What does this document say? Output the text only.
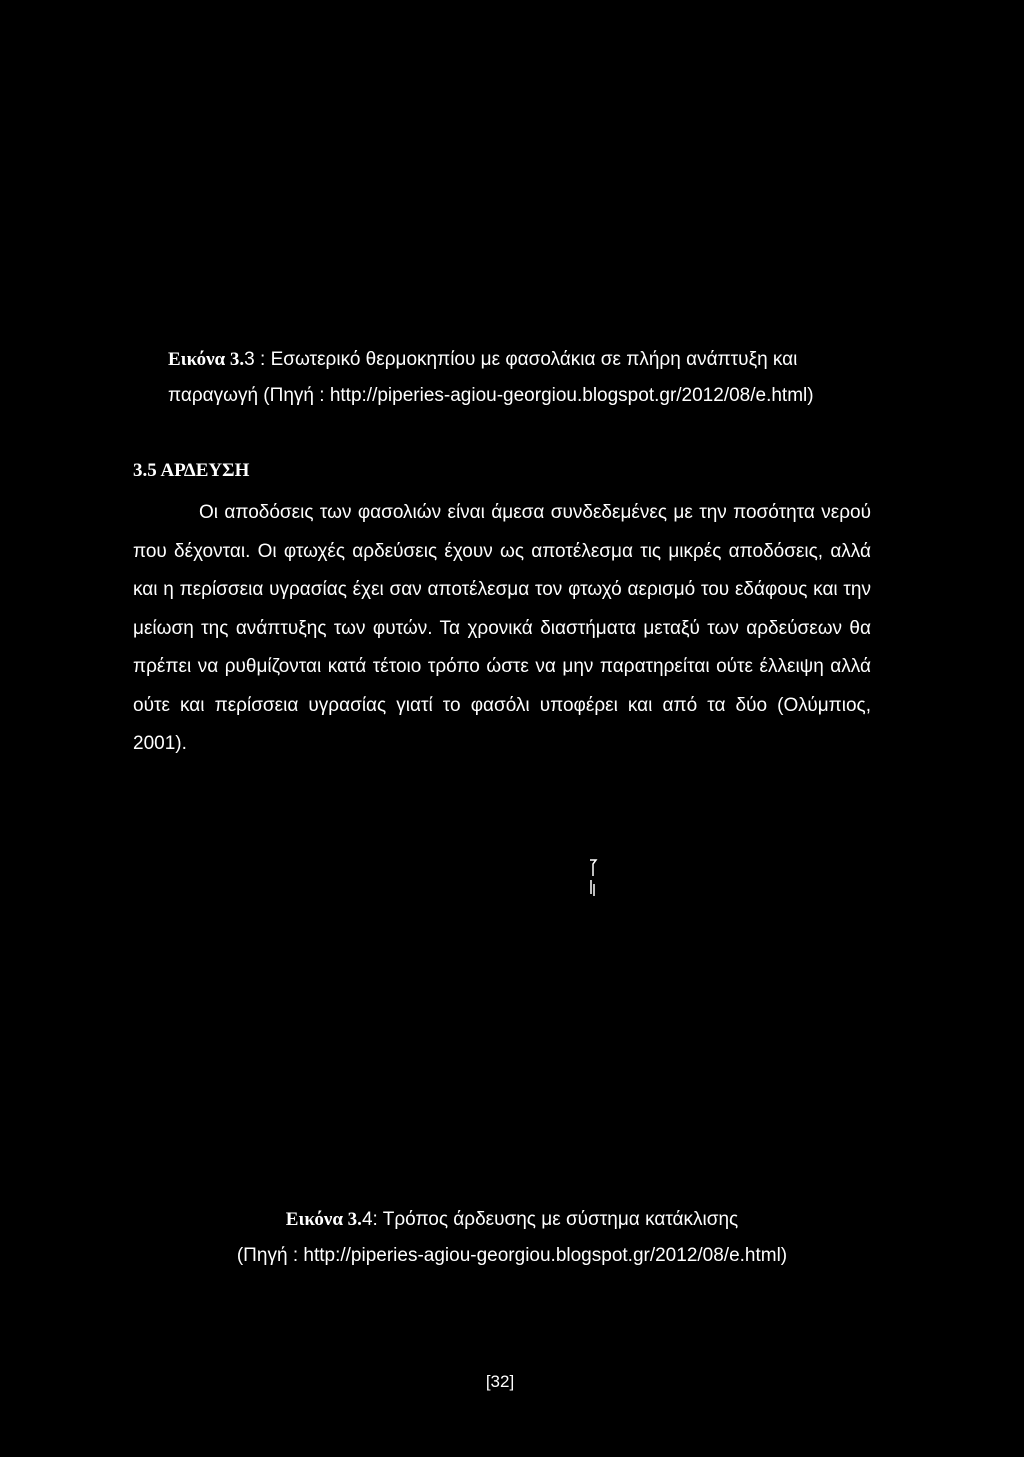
Εικόνα 3.3 : Εσωτερικό θερμοκηπίου με φασολάκια σε πλήρη ανάπτυξη και
παραγωγή (Πηγή : http://piperies-agiou-georgiou.blogspot.gr/2012/08/e.html)
3.5 ΑΡΔΕΥΣΗ
Οι αποδόσεις των φασολιών είναι άμεσα συνδεδεμένες με την ποσότητα νερού που δέχονται. Οι φτωχές αρδεύσεις έχουν ως αποτέλεσμα τις μικρές αποδόσεις, αλλά και η περίσσεια υγρασίας έχει σαν αποτέλεσμα τον φτωχό αερισμό του εδάφους και την μείωση της ανάπτυξης των φυτών. Τα χρονικά διαστήματα μεταξύ των αρδεύσεων θα πρέπει να ρυθμίζονται κατά τέτοιο τρόπο ώστε να μην παρατηρείται ούτε έλλειψη αλλά ούτε και περίσσεια υγρασίας γιατί το φασόλι υποφέρει και από τα δύο (Ολύμπιος, 2001).
Εικόνα 3.4: Τρόπος άρδευσης με σύστημα κατάκλισης
(Πηγή : http://piperies-agiou-georgiou.blogspot.gr/2012/08/e.html)
[32]
